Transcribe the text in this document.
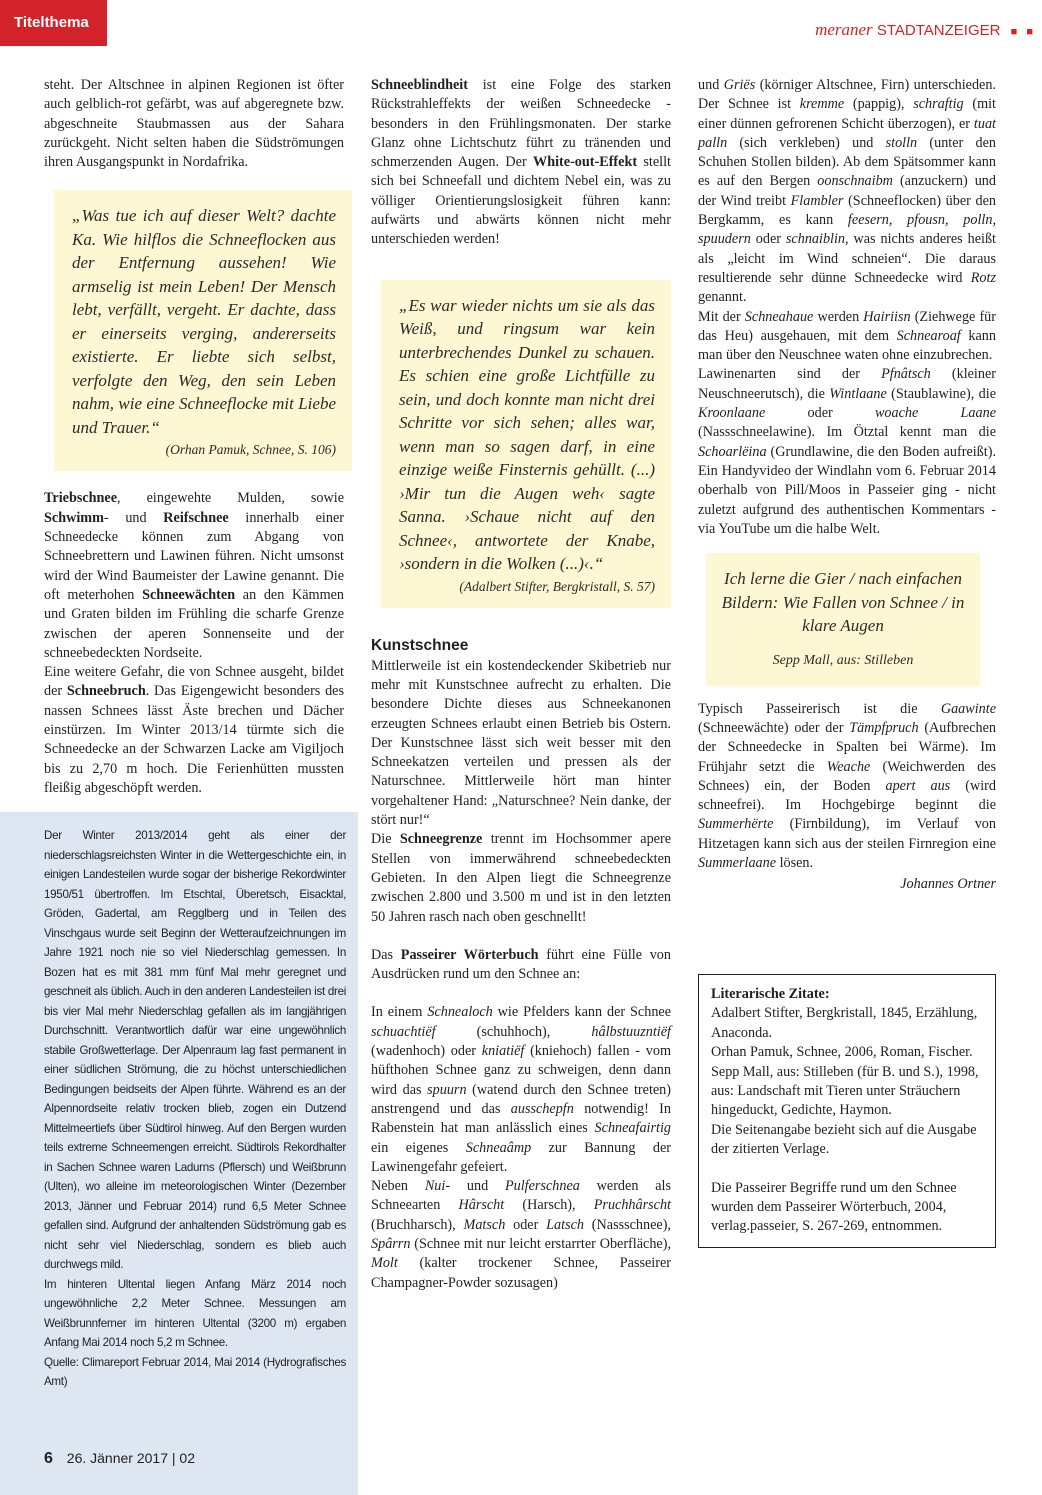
Titelthema	meraner STADTANZEIGER ■ ■

steht. Der Altschnee in alpinen Regionen ist öfter auch gelblich-rot gefärbt, was auf abgeregnete bzw. abgeschneite Staubmassen aus der Sahara zurückgeht. Nicht selten haben die Südströmungen ihren Ausgangspunkt in Nordafrika.

„Was tue ich auf dieser Welt? dachte Ka. Wie hilflos die Schneeflocken aus der Entfernung aussehen! Wie armselig ist mein Leben! Der Mensch lebt, verfällt, vergeht. Er dachte, dass er einerseits verging, andererseits existierte. Er liebte sich selbst, verfolgte den Weg, den sein Leben nahm, wie eine Schneeflocke mit Liebe und Trauer.“

(Orhan Pamuk, Schnee, S. 106)

Triebschnee, eingewehte Mulden, sowie Schwimm- und Reifschnee innerhalb einer Schneedecke können zum Abgang von Schneebrettern und Lawinen führen. Nicht umsonst wird der Wind Baumeister der Lawine genannt. Die oft meterhohen Schneewächten an den Kämmen und Graten bilden im Frühling die scharfe Grenze zwischen der aperen Sonnenseite und der schneebedeckten Nordseite.

Eine weitere Gefahr, die von Schnee ausgeht, bildet der Schneebruch. Das Eigengewicht besonders des nassen Schnees lässt Äste brechen und Dächer einstürzen. Im Winter 2013/14 türmte sich die Schneedecke an der Schwarzen Lacke am Vigiljoch bis zu 2,70 m hoch. Die Ferienhütten mussten fleißig abgeschöpft werden.

Der Winter 2013/2014 geht als einer der niederschlagsreichsten Winter in die Wettergeschichte ein, in einigen Landesteilen wurde sogar der bisherige Rekordwinter 1950/51 übertroffen. Im Etschtal, Überetsch, Eisacktal, Gröden, Gadertal, am Regglberg und in Teilen des Vinschgaus wurde seit Beginn der Wetteraufzeichnungen im Jahre 1921 noch nie so viel Niederschlag gemessen. In Bozen hat es mit 381 mm fünf Mal mehr geregnet und geschneit als üblich. Auch in den anderen Landesteilen ist drei bis vier Mal mehr Niederschlag gefallen als im langjährigen Durchschnitt. Verantwortlich dafür war eine ungewöhnlich stabile Großwetterlage. Der Alpenraum lag fast permanent in einer südlichen Strömung, die zu höchst unterschiedlichen Bedingungen beidseits der Alpen führte. Während es an der Alpennordseite relativ trocken blieb, zogen ein Dutzend Mittelmeertiefs über Südtirol hinweg. Auf den Bergen wurden teils extreme Schneemengen erreicht. Südtirols Rekordhalter in Sachen Schnee waren Ladurns (Pflersch) und Weißbrunn (Ulten), wo alleine im meteorologischen Winter (Dezember 2013, Jänner und Februar 2014) rund 6,5 Meter Schnee gefallen sind. Aufgrund der anhaltenden Südströmung gab es nicht sehr viel Niederschlag, sondern es blieb auch durchwegs mild.

Im hinteren Ultental liegen Anfang März 2014 noch ungewöhnliche 2,2 Meter Schnee. Messungen am Weißbrunnferner im hinteren Ultental (3200 m) ergaben Anfang Mai 2014 noch 5,2 m Schnee.

Quelle: Climareport Februar 2014, Mai 2014 (Hydrografisches Amt)

Schneeblindheit ist eine Folge des starken Rückstrahleffekts der weißen Schneedecke - besonders in den Frühlingsmonaten. Der starke Glanz ohne Lichtschutz führt zu tränenden und schmerzenden Augen. Der White-out-Effekt stellt sich bei Schneefall und dichtem Nebel ein, was zu völliger Orientierungslosigkeit führen kann: aufwärts und abwärts können nicht mehr unterschieden werden!

„Es war wieder nichts um sie als das Weiß, und ringsum war kein unterbrechendes Dunkel zu schauen. Es schien eine große Lichtfülle zu sein, und doch konnte man nicht drei Schritte vor sich sehen; alles war, wenn man so sagen darf, in eine einzige weiße Finsternis gehüllt. (...) ›Mir tun die Augen weh‹ sagte Sanna. ›Schaue nicht auf den Schnee‹, antwortete der Knabe, ›sondern in die Wolken (...)‹.“

(Adalbert Stifter, Bergkristall, S. 57)
Kunstschnee

Mittlerweile ist ein kostendeckender Skibetrieb nur mehr mit Kunstschnee aufrecht zu erhalten. Die besondere Dichte dieses aus Schneekanonen erzeugten Schnees erlaubt einen Betrieb bis Ostern. Der Kunstschnee lässt sich weit besser mit den Schneekatzen verteilen und pressen als der Naturschnee. Mittlerweile hört man hinter vorgehaltener Hand: „Naturschnee? Nein danke, der stört nur!“

Die Schneegrenze trennt im Hochsommer apere Stellen von immerwährend schneebedeckten Gebieten. In den Alpen liegt die Schneegrenze zwischen 2.800 und 3.500 m und ist in den letzten 50 Jahren rasch nach oben geschnellt!

Das Passeirer Wörterbuch führt eine Fülle von Ausdrücken rund um den Schnee an:

In einem Schnealoch wie Pfelders kann der Schnee schuachtiëf (schuhhoch), hâlbstuuzntiëf (wadenhoch) oder kniatiëf (kniehoch) fallen - vom hüfthohen Schnee ganz zu schweigen, denn dann wird das spuurn (watend durch den Schnee treten) anstrengend und das ausschepfn notwendig! In Rabenstein hat man anlässlich eines Schneafairtig ein eigenes Schneaâmp zur Bannung der Lawinengefahr gefeiert.

Neben Nui- und Pulferschnea werden als Schneearten Hârscht (Harsch), Pruchhârscht (Bruchharsch), Matsch oder Latsch (Nassschnee), Spârrn (Schnee mit nur leicht erstarrter Oberfläche), Molt (kalter trockener Schnee, Passeirer Champagner-Powder sozusagen)

und Griës (körniger Altschnee, Firn) unterschieden. Der Schnee ist kremme (pappig), schraftig (mit einer dünnen gefrorenen Schicht überzogen), er tuat palln (sich verkleben) und stolln (unter den Schuhen Stollen bilden). Ab dem Spätsommer kann es auf den Bergen oonschnaibm (anzuckern) und der Wind treibt Flambler (Schneeflocken) über den Bergkamm, es kann feesern, pfousn, polln, spuudern oder schnaiblin, was nichts anderes heißt als „leicht im Wind schneien“. Die daraus resultierende sehr dünne Schneedecke wird Rotz genannt.

Mit der Schneahaue werden Hairiisn (Ziehwege für das Heu) ausgehauen, mit dem Schnearoaf kann man über den Neuschnee waten ohne einzubrechen.

Lawinenarten sind der Pfnâtsch (kleiner Neuschneerutsch), die Wintlaane (Staublawine), die Kroonlaane oder woache Laane (Nassschneelawine). Im Ötztal kennt man die Schoarlëina (Grundlawine, die den Boden aufreißt). Ein Handyvideo der Windlahn vom 6. Februar 2014 oberhalb von Pill/Moos in Passeier ging - nicht zuletzt aufgrund des authentischen Kommentars - via YouTube um die halbe Welt.

Ich lerne die Gier / nach einfachen Bildern: Wie Fallen von Schnee / in klare Augen

Sepp Mall, aus: Stilleben

Typisch Passeirerisch ist die Gaawinte (Schneewächte) oder der Tämpfpruch (Aufbrechen der Schneedecke in Spalten bei Wärme). Im Frühjahr setzt die Weache (Weichwerden des Schnees) ein, der Boden apert aus (wird schneefrei). Im Hochgebirge beginnt die Summerhërte (Firnbildung), im Verlauf von Hitzetagen kann sich aus der steilen Firnregion eine Summerlaane lösen.

Johannes Ortner

Literarische Zitate:

Adalbert Stifter, Bergkristall, 1845, Erzählung, Anaconda.

Orhan Pamuk, Schnee, 2006, Roman, Fischer.

Sepp Mall, aus: Stilleben (für B. und S.), 1998, aus: Landschaft mit Tieren unter Sträuchern hingeduckt, Gedichte, Haymon.

Die Seitenangabe bezieht sich auf die Ausgabe der zitierten Verlage.

Die Passeirer Begriffe rund um den Schnee wurden dem Passeirer Wörterbuch, 2004, verlag.passeier, S. 267-269, entnommen.

6 26. Jänner 2017 | 02
